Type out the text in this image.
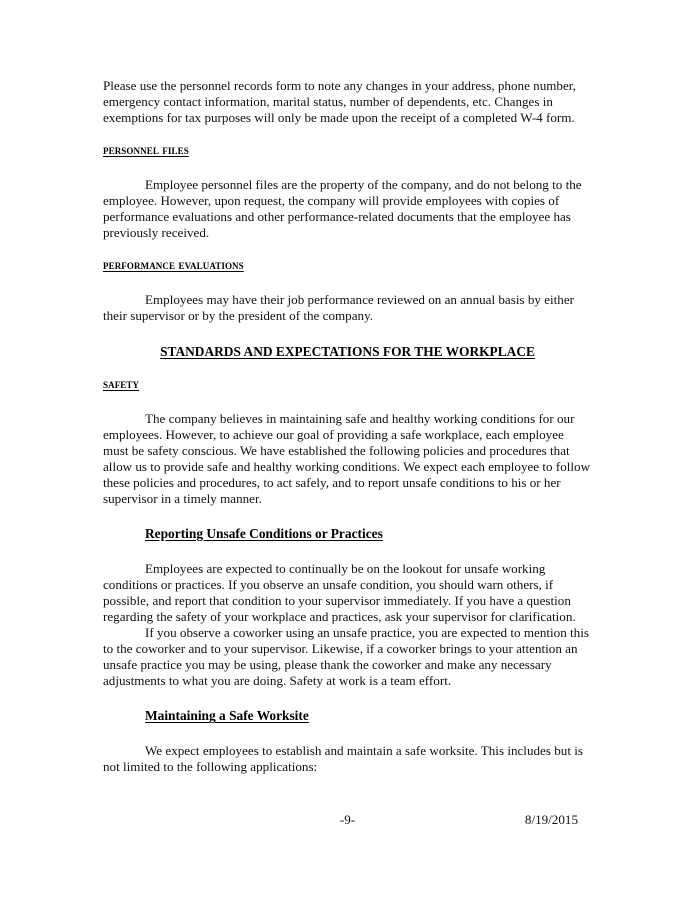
Please use the personnel records form to note any changes in your address, phone number, emergency contact information, marital status, number of dependents, etc. Changes in exemptions for tax purposes will only be made upon the receipt of a completed W-4 form.

personnel files

Employee personnel files are the property of the company, and do not belong to the employee. However, upon request, the company will provide employees with copies of performance evaluations and other performance-related documents that the employee has previously received.

performance evaluations

Employees may have their job performance reviewed on an annual basis by either their supervisor or by the president of the company.

STANDARDS AND EXPECTATIONS FOR THE WORKPLACE

safety

The company believes in maintaining safe and healthy working conditions for our employees. However, to achieve our goal of providing a safe workplace, each employee must be safety conscious. We have established the following policies and procedures that allow us to provide safe and healthy working conditions. We expect each employee to follow these policies and procedures, to act safely, and to report unsafe conditions to his or her supervisor in a timely manner.

Reporting Unsafe Conditions or Practices

Employees are expected to continually be on the lookout for unsafe working conditions or practices. If you observe an unsafe condition, you should warn others, if possible, and report that condition to your supervisor immediately. If you have a question regarding the safety of your workplace and practices, ask your supervisor for clarification.

If you observe a coworker using an unsafe practice, you are expected to mention this to the coworker and to your supervisor. Likewise, if a coworker brings to your attention an unsafe practice you may be using, please thank the coworker and make any necessary adjustments to what you are doing. Safety at work is a team effort.

Maintaining a Safe Worksite

We expect employees to establish and maintain a safe worksite. This includes but is not limited to the following applications:

-9-	8/19/2015
